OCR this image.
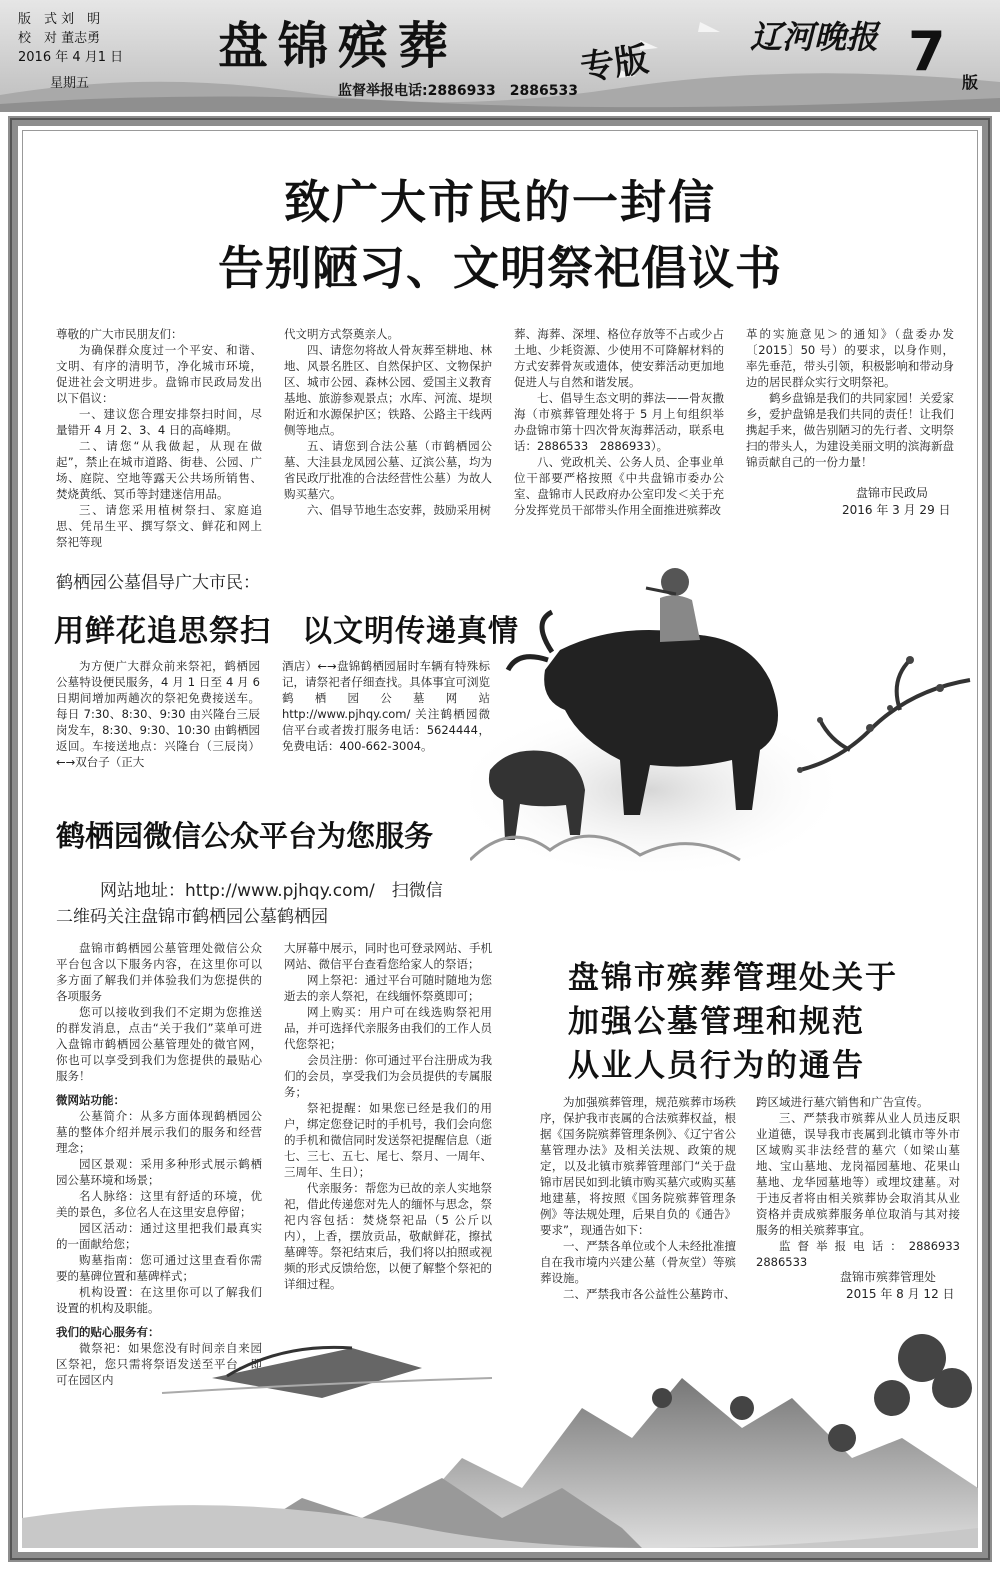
版　式 刘　明
校　对 董志勇
2016 年 4 月1 日
星期五
盘锦殡葬	专版
辽河晚报
监督举报电话:2886933　2886533
7 版
致广大市民的一封信
告别陋习、文明祭祀倡议书

尊敬的广大市民朋友们：

为确保群众度过一个平安、和谐、文明、有序的清明节，净化城市环境，促进社会文明进步。盘锦市民政局发出以下倡议：

一、建议您合理安排祭扫时间，尽量错开 4 月 2、3、4 日的高峰期。

二、请您“从我做起，从现在做起”，禁止在城市道路、街巷、公园、广场、庭院、空地等露天公共场所销售、焚烧黄纸、冥币等封建迷信用品。

三、请您采用植树祭扫、家庭追思、凭吊生平、撰写祭文、鲜花和网上祭祀等现

代文明方式祭奠亲人。

四、请您勿将故人骨灰葬至耕地、林地、风景名胜区、自然保护区、文物保护区、城市公园、森林公园、爱国主义教育基地、旅游参观景点；水库、河流、堤坝附近和水源保护区；铁路、公路主干线两侧等地点。

五、请您到合法公墓（市鹤栖园公墓、大洼县龙凤园公墓、辽滨公墓，均为省民政厅批准的合法经营性公墓）为故人购买墓穴。

六、倡导节地生态安葬，鼓励采用树

葬、海葬、深埋、格位存放等不占或少占土地、少耗资源、少使用不可降解材料的方式安葬骨灰或遗体，使安葬活动更加地促进人与自然和谐发展。

七、倡导生态文明的葬法——骨灰撒海（市殡葬管理处将于 5 月上旬组织举办盘锦市第十四次骨灰海葬活动，联系电话：2886533　2886933）。

八、党政机关、公务人员、企事业单位干部要严格按照《中共盘锦市委办公室、盘锦市人民政府办公室印发＜关于充分发挥党员干部带头作用全面推进殡葬改

革的实施意见＞的通知》（盘委办发〔2015〕50 号）的要求，以身作则，率先垂范，带头引领，积极影响和带动身边的居民群众实行文明祭祀。

鹤乡盘锦是我们的共同家园！关爱家乡，爱护盘锦是我们共同的责任！让我们携起手来，做告别陋习的先行者、文明祭扫的带头人，为建设美丽文明的滨海新盘锦贡献自己的一份力量！

盘锦市民政局
2016 年 3 月 29 日
鹤栖园公墓倡导广大市民：
用鲜花追思祭扫　以文明传递真情

为方便广大群众前来祭祀，鹤栖园公墓特设便民服务，4 月 1 日至 4 月 6 日期间增加两趟次的祭祀免费接送车。每日 7:30、8:30、9:30 由兴隆台三辰岗发车，8:30、9:30、10:30 由鹤栖园返回。车接送地点：兴隆台（三辰岗）←→双台子（正大

酒店）←→盘锦鹤栖园届时车辆有特殊标记，请祭祀者仔细查找。具体事宜可浏览鹤栖园公墓网站 http://www.pjhqy.com/ 关注鹤栖园微信平台或者拨打服务电话：5624444，免费电话：400-662-3004。

鹤栖园微信公众平台为您服务
网站地址：http://www.pjhqy.com/　扫微信
二维码关注盘锦市鹤栖园公墓鹤栖园

盘锦市鹤栖园公墓管理处微信公众平台包含以下服务内容，在这里你可以多方面了解我们并体验我们为您提供的各项服务

您可以接收到我们不定期为您推送的群发消息，点击“关于我们”菜单可进入盘锦市鹤栖园公墓管理处的微官网，你也可以享受到我们为您提供的最贴心服务！

微网站功能：

公墓简介：从多方面体现鹤栖园公墓的整体介绍并展示我们的服务和经营理念；

园区景观：采用多种形式展示鹤栖园公墓环境和场景；

名人脉络：这里有舒适的环境，优美的景色，多位名人在这里安息停留；

园区活动：通过这里把我们最真实的一面献给您；

购墓指南：您可通过这里查看你需要的墓碑位置和墓碑样式；

机构设置：在这里你可以了解我们设置的机构及职能。

我们的贴心服务有：

微祭祀：如果您没有时间亲自来园区祭祀，您只需将祭语发送至平台，即可在园区内

大屏幕中展示，同时也可登录网站、手机网站、微信平台查看您给家人的祭语；

网上祭祀：通过平台可随时随地为您逝去的亲人祭祀，在线缅怀祭奠即可；

网上购买：用户可在线选购祭祀用品，并可选择代亲服务由我们的工作人员代您祭祀；

会员注册：你可通过平台注册成为我们的会员，享受我们为会员提供的专属服务；

祭祀提醒：如果您已经是我们的用户，绑定您登记时的手机号，我们会向您的手机和微信同时发送祭祀提醒信息（逝七、三七、五七、尾七、祭月、一周年、三周年、生日）；

代亲服务：帮您为已故的亲人实地祭祀，借此传递您对先人的缅怀与思念，祭祀内容包括：焚烧祭祀品（5 公斤以内），上香，摆放贡品，敬献鲜花，擦拭墓碑等。祭祀结束后，我们将以拍照或视频的形式反馈给您，以便了解整个祭祀的详细过程。

盘锦市殡葬管理处关于
加强公墓管理和规范
从业人员行为的通告

为加强殡葬管理，规范殡葬市场秩序，保护我市丧属的合法殡葬权益，根据《国务院殡葬管理条例》、《辽宁省公墓管理办法》及相关法规、政策的规定，以及北镇市殡葬管理部门“关于盘锦市居民如到北镇市购买墓穴或购买墓地建墓，将按照《国务院殡葬管理条例》等法规处理，后果自负的《通告》要求”，现通告如下：

一、严禁各单位或个人未经批准擅自在我市境内兴建公墓（骨灰堂）等殡葬设施。

二、严禁我市各公益性公墓跨市、

跨区域进行墓穴销售和广告宣传。

三、严禁我市殡葬从业人员违反职业道德，误导我市丧属到北镇市等外市区域购买非法经营的墓穴（如梁山墓地、宝山墓地、龙岗福园墓地、花果山墓地、龙华园墓地等）或埋坟建墓。对于违反者将由相关殡葬协会取消其从业资格并责成殡葬服务单位取消与其对接服务的相关殡葬事宜。

监督举报电话：2886933　2886533

盘锦市殡葬管理处
2015 年 8 月 12 日
